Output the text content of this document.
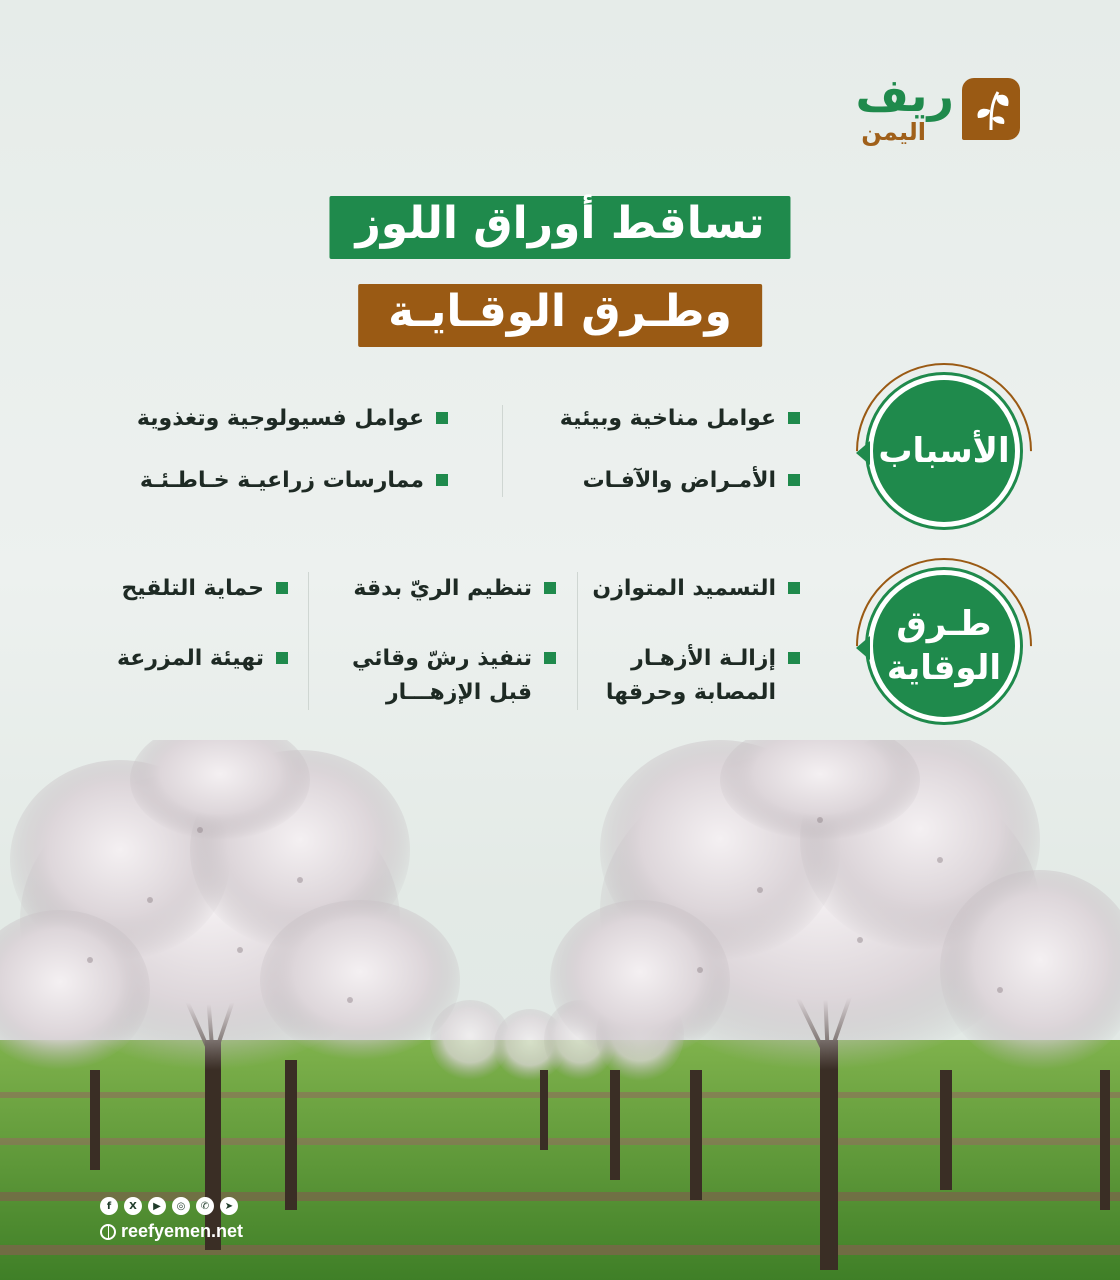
ريف
اليمن
تساقط أوراق اللوز
وطـرق الوقـايـة
الأسباب
عوامل مناخية وبيئية
عوامل فسيولوجية وتغذوية
الأمـراض والآفـات
ممارسات زراعيـة خـاطـئـة
طـرق
الوقاية
التسميد المتوازن
تنظيم الريّ بدقة
حماية التلقيح
إزالـة الأزهـار
المصابة وحرقها
تنفيذ رشّ وقائي
قبل الإزهـــار
تهيئة المزرعة
f	X	▶	◎	✆	➤
reefyemen.net
